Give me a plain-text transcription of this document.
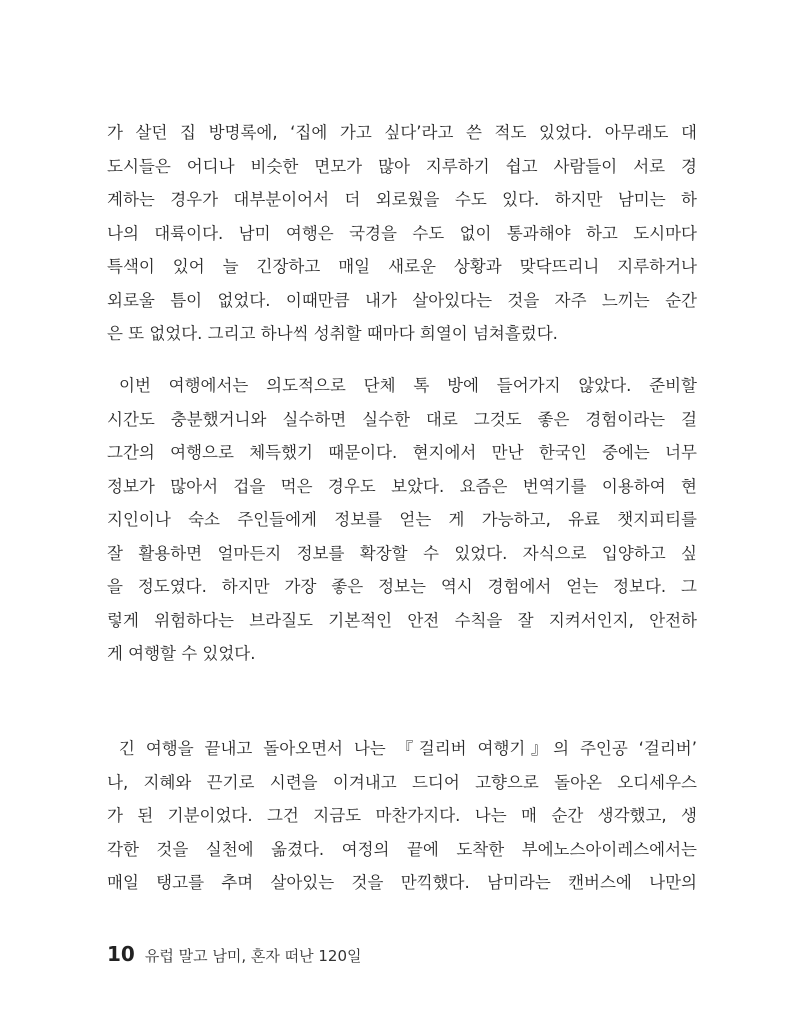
가 살던 집 방명록에, ‘집에 가고 싶다’라고 쓴 적도 있었다. 아무래도 대
도시들은 어디나 비슷한 면모가 많아 지루하기 쉽고 사람들이 서로 경
계하는 경우가 대부분이어서 더 외로웠을 수도 있다. 하지만 남미는 하
나의 대륙이다. 남미 여행은 국경을 수도 없이 통과해야 하고 도시마다
특색이 있어 늘 긴장하고 매일 새로운 상황과 맞닥뜨리니 지루하거나
외로울 틈이 없었다. 이때만큼 내가 살아있다는 것을 자주 느끼는 순간
은 또 없었다. 그리고 하나씩 성취할 때마다 희열이 넘쳐흘렀다.
이번 여행에서는 의도적으로 단체 톡 방에 들어가지 않았다. 준비할
시간도 충분했거니와 실수하면 실수한 대로 그것도 좋은 경험이라는 걸
그간의 여행으로 체득했기 때문이다. 현지에서 만난 한국인 중에는 너무
정보가 많아서 겁을 먹은 경우도 보았다. 요즘은 번역기를 이용하여 현
지인이나 숙소 주인들에게 정보를 얻는 게 가능하고, 유료 챗지피티를
잘 활용하면 얼마든지 정보를 확장할 수 있었다. 자식으로 입양하고 싶
을 정도였다. 하지만 가장 좋은 정보는 역시 경험에서 얻는 정보다. 그
렇게 위험하다는 브라질도 기본적인 안전 수칙을 잘 지켜서인지, 안전하
게 여행할 수 있었다.
긴 여행을 끝내고 돌아오면서 나는 『걸리버 여행기』의 주인공 ‘걸리버’
나, 지혜와 끈기로 시련을 이겨내고 드디어 고향으로 돌아온 오디세우스
가 된 기분이었다. 그건 지금도 마찬가지다. 나는 매 순간 생각했고, 생
각한 것을 실천에 옮겼다. 여정의 끝에 도착한 부에노스아이레스에서는
매일 탱고를 추며 살아있는 것을 만끽했다. 남미라는 캔버스에 나만의
10 유럽 말고 남미, 혼자 떠난 120일
